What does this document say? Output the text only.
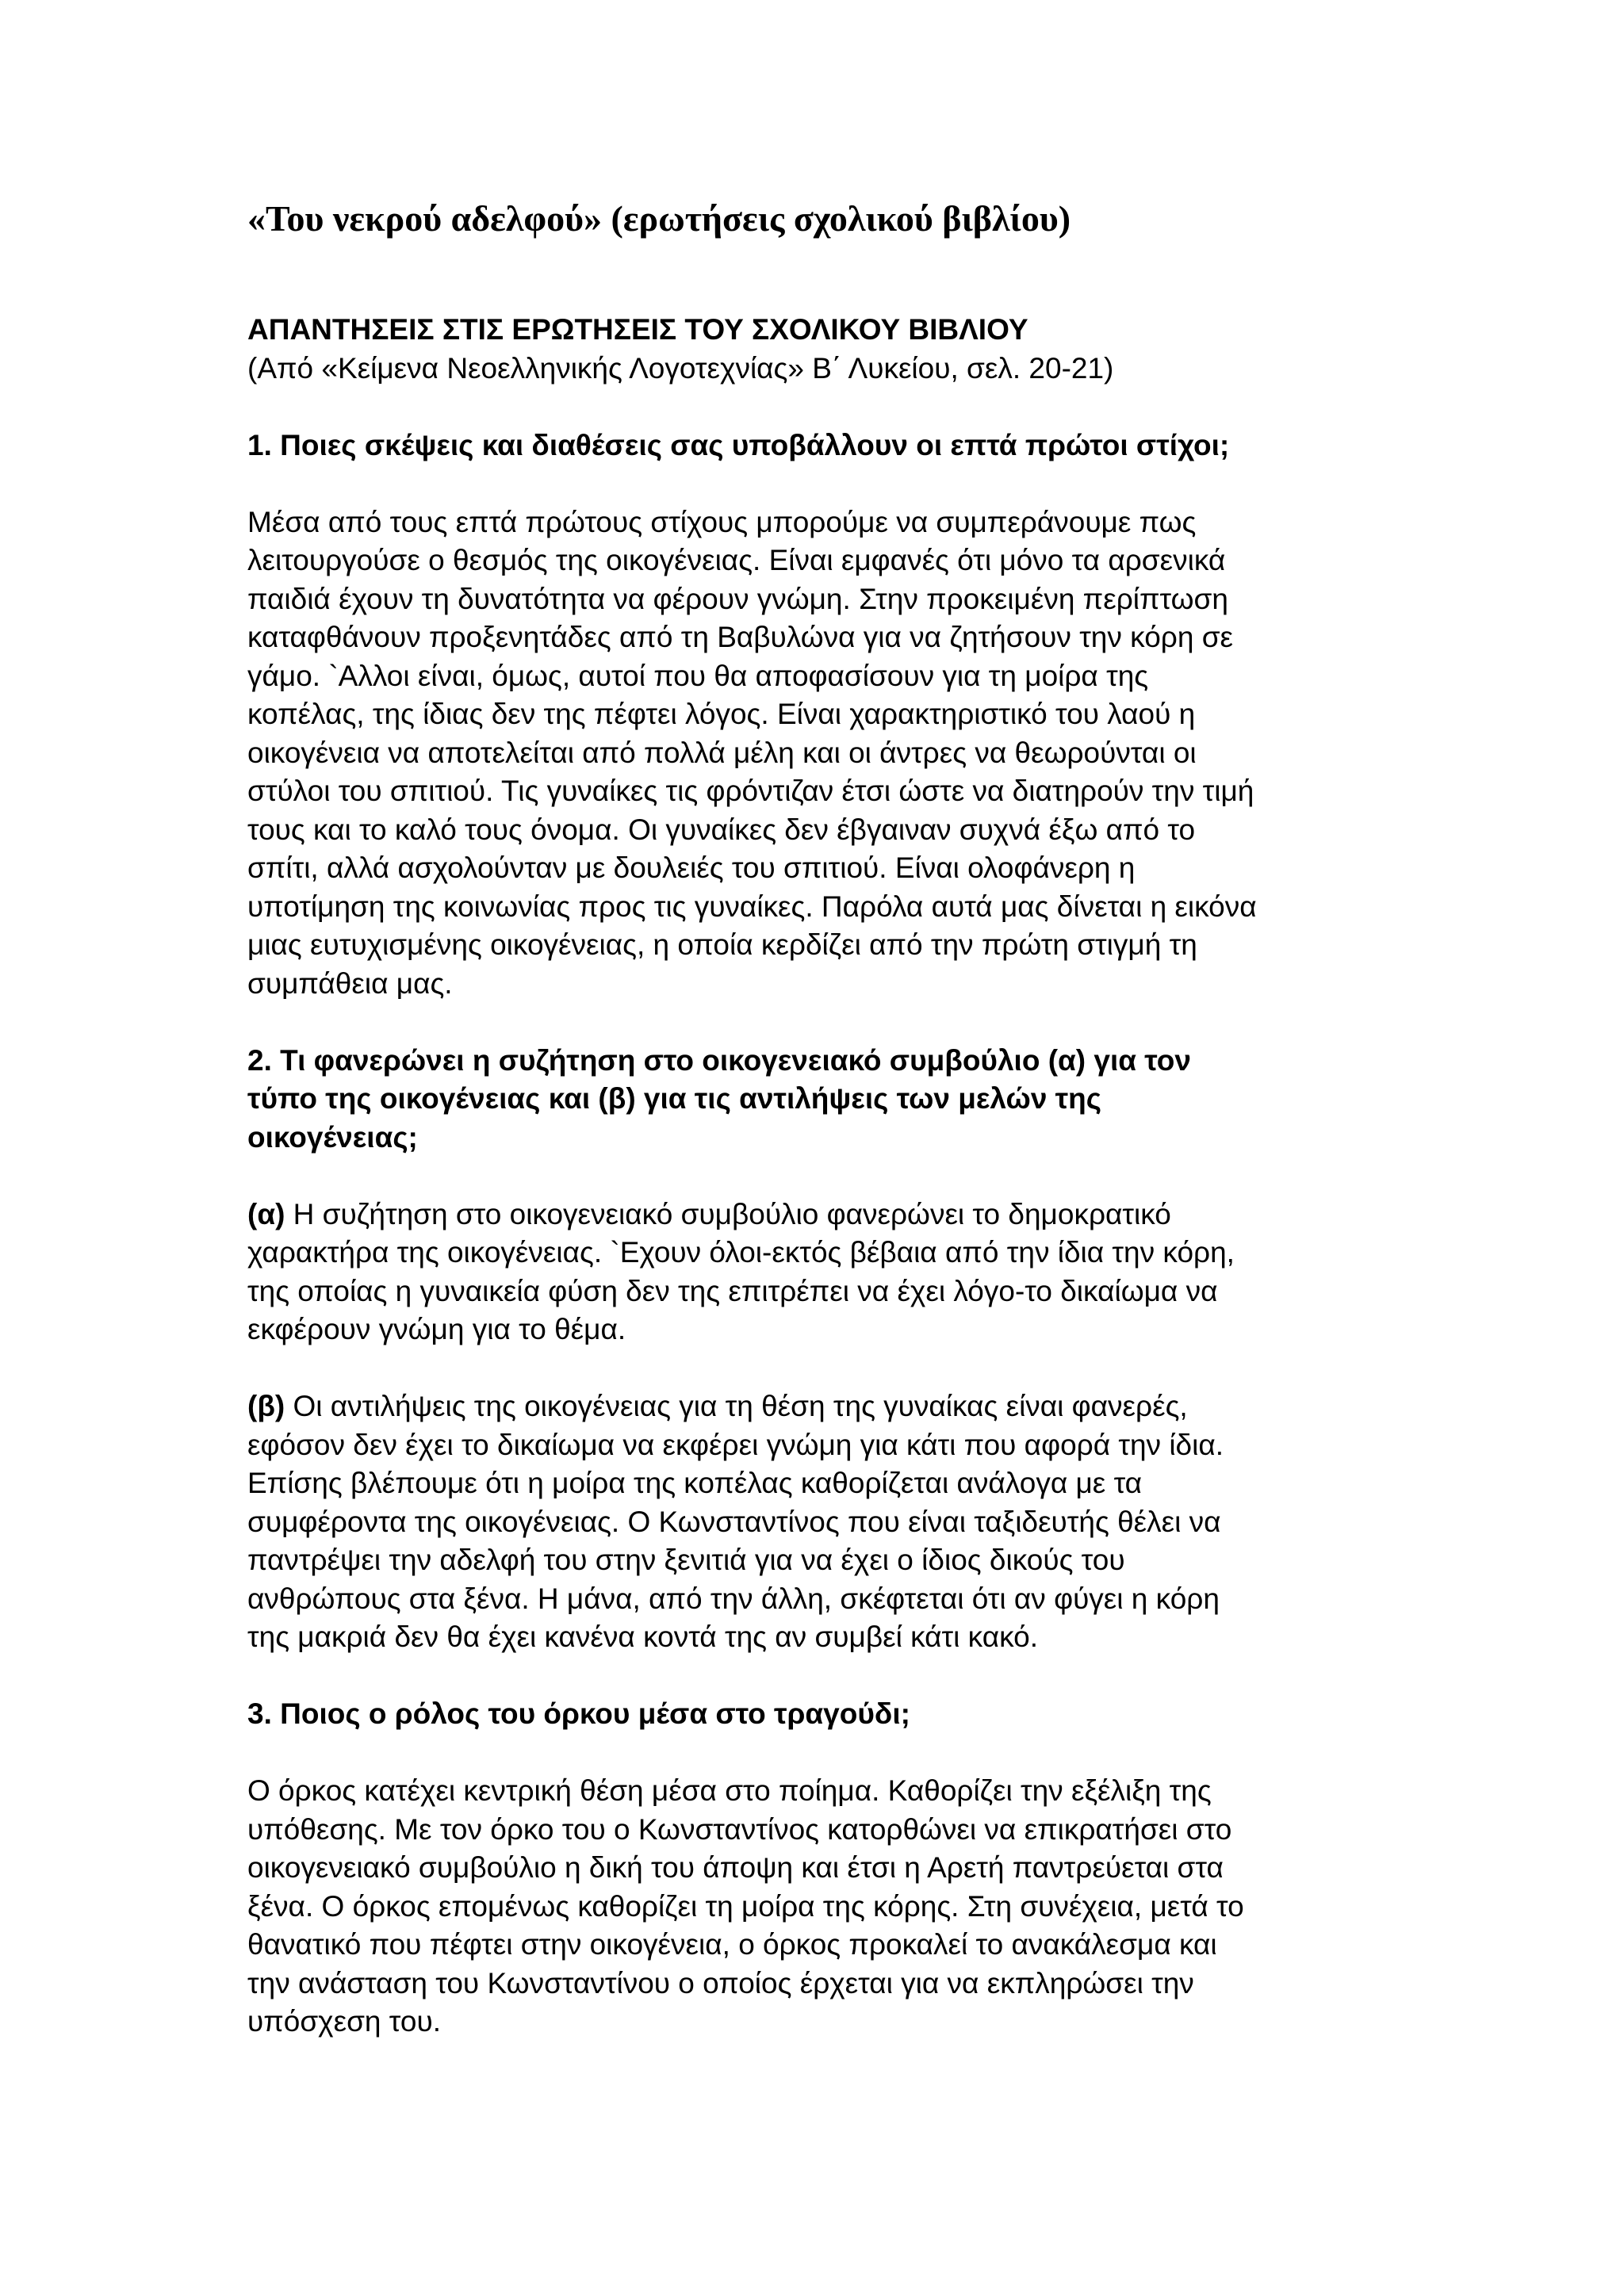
«Του νεκρού αδελφού» (ερωτήσεις σχολικού βιβλίου)
ΑΠΑΝΤΗΣΕΙΣ ΣΤΙΣ ΕΡΩΤΗΣΕΙΣ ΤΟΥ ΣΧΟΛΙΚΟΥ ΒΙΒΛΙΟΥ
(Από «Κείμενα Νεοελληνικής Λογοτεχνίας» Β΄ Λυκείου, σελ. 20-21)
1. Ποιες σκέψεις και διαθέσεις σας υποβάλλουν οι επτά πρώτοι στίχοι;
Μέσα από τους επτά πρώτους στίχους μπορούμε να συμπεράνουμε πως
λειτουργούσε ο θεσμός της οικογένειας. Είναι εμφανές ότι μόνο τα αρσενικά
παιδιά έχουν τη δυνατότητα να φέρουν γνώμη. Στην προκειμένη περίπτωση
καταφθάνουν προξενητάδες από τη Βαβυλώνα για να ζητήσουν την κόρη σε
γάμο. `Αλλοι είναι, όμως, αυτοί που θα αποφασίσουν για τη μοίρα της
κοπέλας, της ίδιας δεν της πέφτει λόγος. Είναι χαρακτηριστικό του λαού η
οικογένεια να αποτελείται από πολλά μέλη και οι άντρες να θεωρούνται οι
στύλοι του σπιτιού. Τις γυναίκες τις φρόντιζαν έτσι ώστε να διατηρούν την τιμή
τους και το καλό τους όνομα. Οι γυναίκες δεν έβγαιναν συχνά έξω από το
σπίτι, αλλά ασχολούνταν με δουλειές του σπιτιού. Είναι ολοφάνερη η
υποτίμηση της κοινωνίας προς τις γυναίκες. Παρόλα αυτά μας δίνεται η εικόνα
μιας ευτυχισμένης οικογένειας, η οποία κερδίζει από την πρώτη στιγμή τη
συμπάθεια μας.
2. Τι φανερώνει η συζήτηση στο οικογενειακό συμβούλιο (α) για τον
τύπο της οικογένειας και (β) για τις αντιλήψεις των μελών της
οικογένειας;
(α) Η συζήτηση στο οικογενειακό συμβούλιο φανερώνει το δημοκρατικό
χαρακτήρα της οικογένειας. `Εχουν όλοι-εκτός βέβαια από την ίδια την κόρη,
της οποίας η γυναικεία φύση δεν της επιτρέπει να έχει λόγο-το δικαίωμα να
εκφέρουν γνώμη για το θέμα.
(β) Οι αντιλήψεις της οικογένειας για τη θέση της γυναίκας είναι φανερές,
εφόσον δεν έχει το δικαίωμα να εκφέρει γνώμη για κάτι που αφορά την ίδια.
Επίσης βλέπουμε ότι η μοίρα της κοπέλας καθορίζεται ανάλογα με τα
συμφέροντα της οικογένειας. Ο Κωνσταντίνος που είναι ταξιδευτής θέλει να
παντρέψει την αδελφή του στην ξενιτιά για να έχει ο ίδιος δικούς του
ανθρώπους στα ξένα. Η μάνα, από την άλλη, σκέφτεται ότι αν φύγει η κόρη
της μακριά δεν θα έχει κανένα κοντά της αν συμβεί κάτι κακό.
3. Ποιος ο ρόλος του όρκου μέσα στο τραγούδι;
Ο όρκος κατέχει κεντρική θέση μέσα στο ποίημα. Καθορίζει την εξέλιξη της
υπόθεσης. Με τον όρκο του ο Κωνσταντίνος κατορθώνει να επικρατήσει στο
οικογενειακό συμβούλιο η δική του άποψη και έτσι η Αρετή παντρεύεται στα
ξένα. Ο όρκος επομένως καθορίζει τη μοίρα της κόρης. Στη συνέχεια, μετά το
θανατικό που πέφτει στην οικογένεια, ο όρκος προκαλεί το ανακάλεσμα και
την ανάσταση του Κωνσταντίνου ο οποίος έρχεται για να εκπληρώσει την
υπόσχεση του.
